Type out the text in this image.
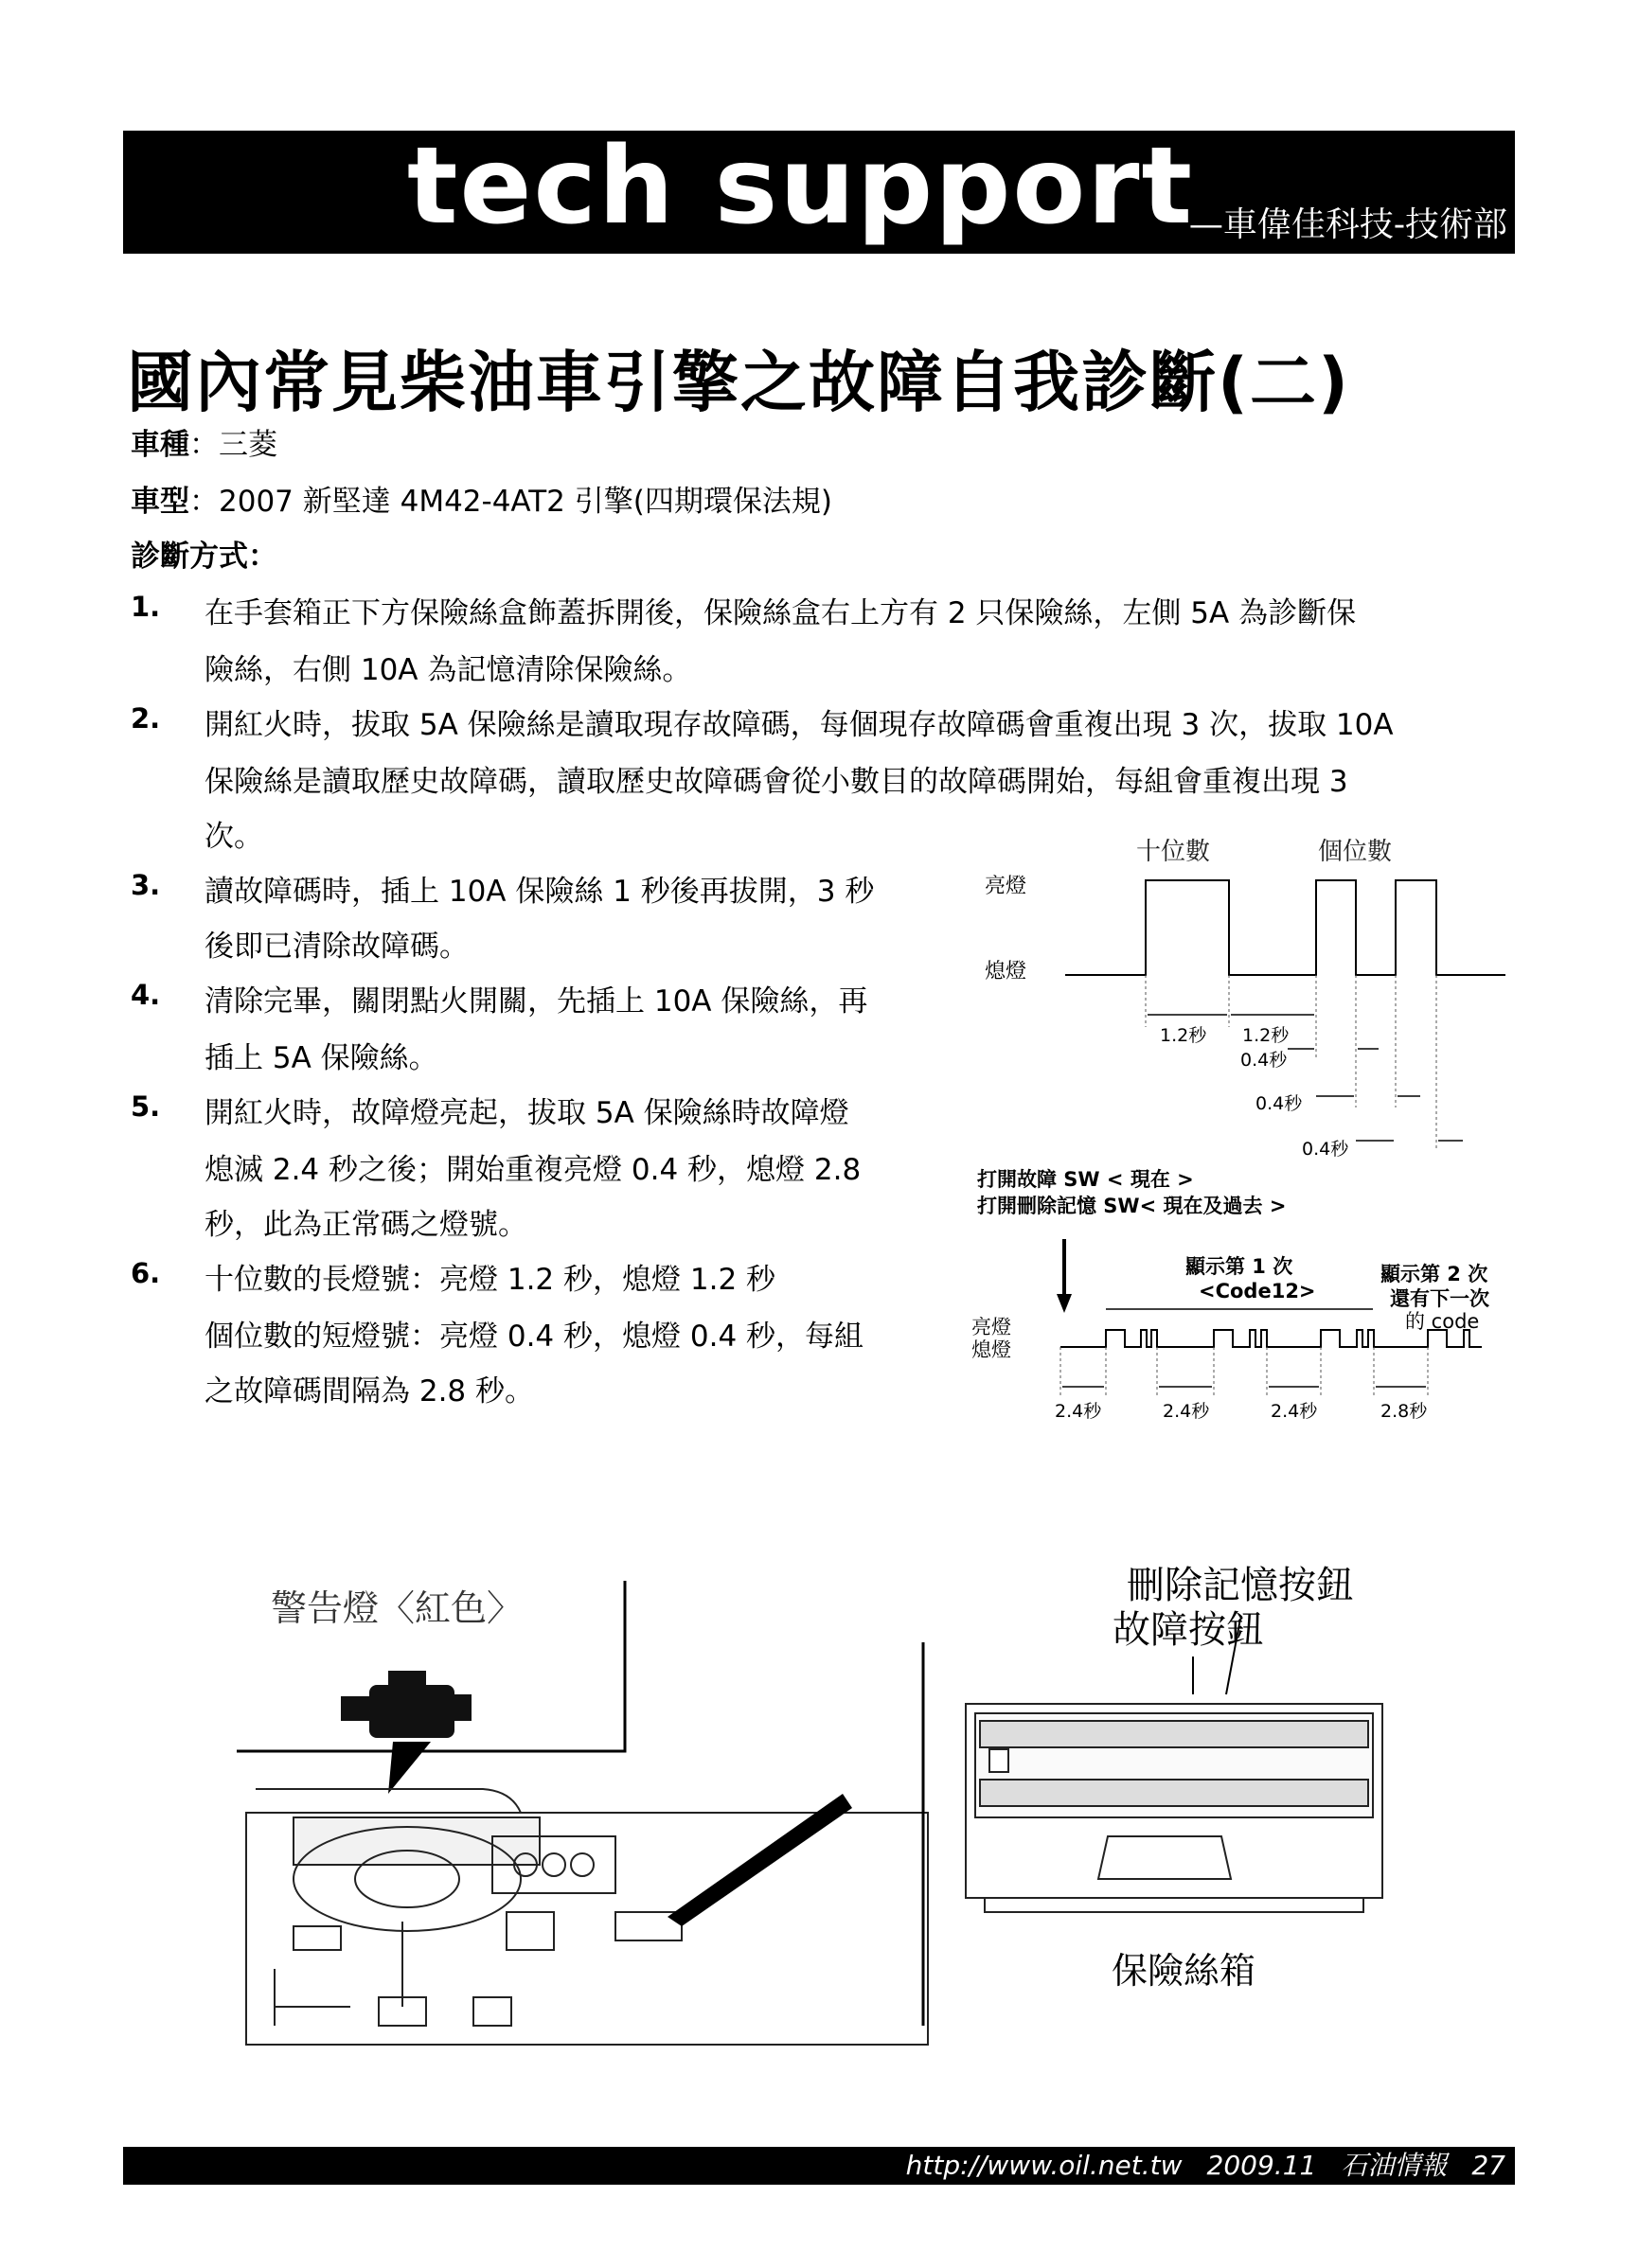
tech support
—車偉佳科技-技術部
國內常見柴油車引擎之故障自我診斷(二)
車種：三菱
車型：2007 新堅達 4M42-4AT2 引擎(四期環保法規)
診斷方式：
1. 在手套箱正下方保險絲盒飾蓋拆開後，保險絲盒右上方有 2 只保險絲，左側 5A 為診斷保
險絲，右側 10A 為記憶清除保險絲。
2. 開紅火時，拔取 5A 保險絲是讀取現存故障碼，每個現存故障碼會重複出現 3 次，拔取 10A
保險絲是讀取歷史故障碼，讀取歷史故障碼會從小數目的故障碼開始，每組會重複出現 3
次。
3. 讀故障碼時，插上 10A 保險絲 1 秒後再拔開，3 秒
後即已清除故障碼。
4. 清除完畢，關閉點火開關，先插上 10A 保險絲，再
插上 5A 保險絲。
5. 開紅火時，故障燈亮起，拔取 5A 保險絲時故障燈
熄滅 2.4 秒之後；開始重複亮燈 0.4 秒，熄燈 2.8
秒，此為正常碼之燈號。
6. 十位數的長燈號：亮燈 1.2 秒，熄燈 1.2 秒
個位數的短燈號：亮燈 0.4 秒，熄燈 0.4 秒，每組
之故障碼間隔為 2.8 秒。
十位數	個位數
亮燈
熄燈
1.2秒 1.2秒
0.4秒
0.4秒
0.4秒
打開故障 SW < 現在 >
打開刪除記憶 SW< 現在及過去 >
顯示第 1 次
<Code12>
顯示第 2 次
還有下一次
的 code
亮燈
熄燈
2.4秒	2.4秒	2.4秒	2.8秒
警告燈〈紅色〉
刪除記憶按鈕
故障按鈕
保險絲箱
http://www.oil.net.tw 2009.11 石油情報 27
